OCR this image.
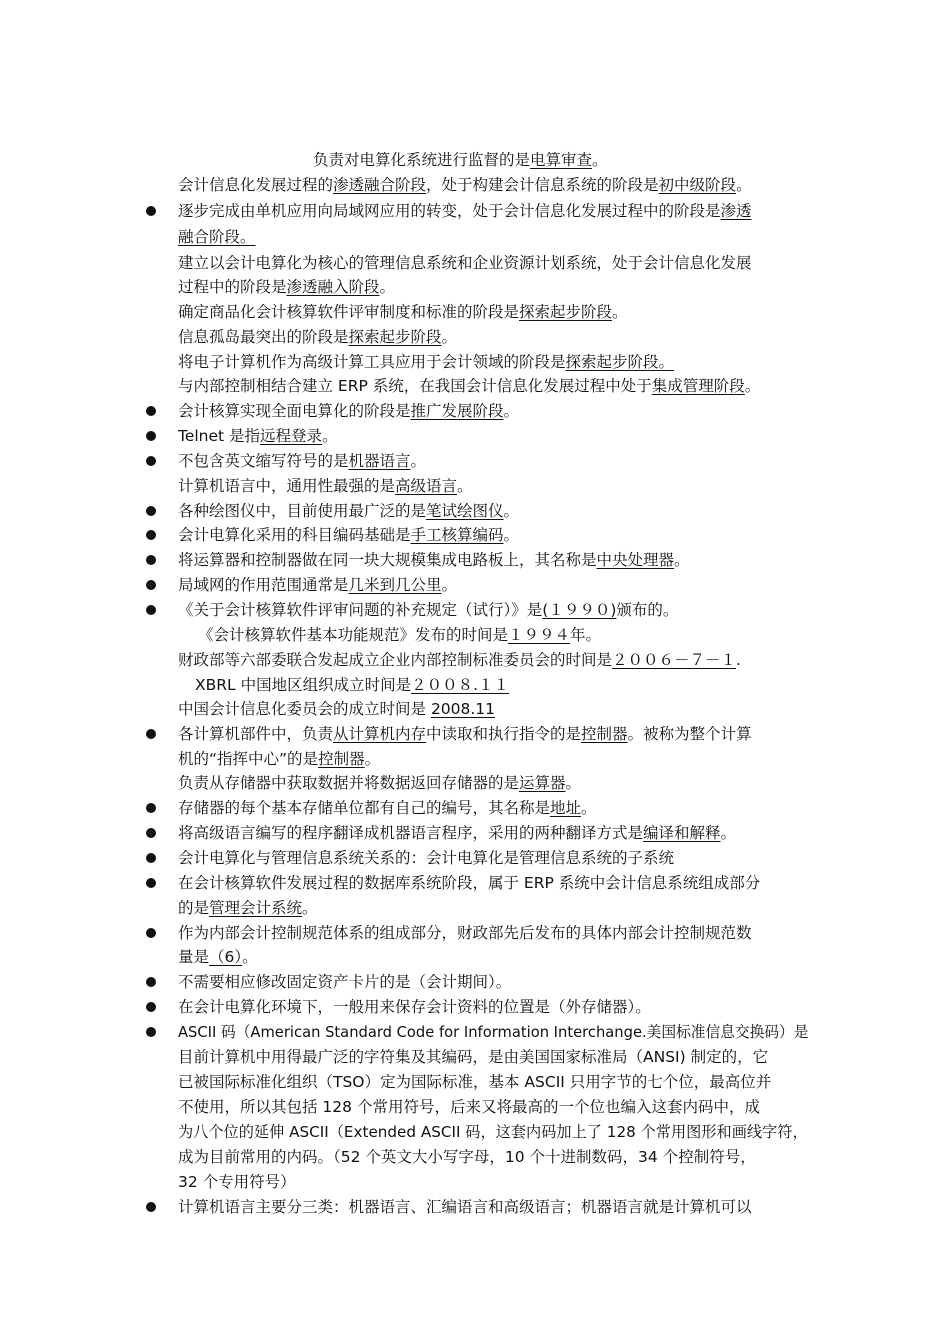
负责对电算化系统进行监督的是电算审查。
会计信息化发展过程的渗透融合阶段，处于构建会计信息系统的阶段是初中级阶段。
逐步完成由单机应用向局域网应用的转变，处于会计信息化发展过程中的阶段是渗透
融合阶段。
建立以会计电算化为核心的管理信息系统和企业资源计划系统，处于会计信息化发展
过程中的阶段是渗透融入阶段。
确定商品化会计核算软件评审制度和标准的阶段是探索起步阶段。
信息孤岛最突出的阶段是探索起步阶段。
将电子计算机作为高级计算工具应用于会计领域的阶段是探索起步阶段。
与内部控制相结合建立 ERP 系统，在我国会计信息化发展过程中处于集成管理阶段。
会计核算实现全面电算化的阶段是推广发展阶段。
Telnet 是指远程登录。
不包含英文缩写符号的是机器语言。
计算机语言中，通用性最强的是高级语言。
各种绘图仪中，目前使用最广泛的是笔试绘图仪。
会计电算化采用的科目编码基础是手工核算编码。
将运算器和控制器做在同一块大规模集成电路板上，其名称是中央处理器。
局域网的作用范围通常是几米到几公里。
《关于会计核算软件评审问题的补充规定（试行）》是(１９９０)颁布的。
《会计核算软件基本功能规范》发布的时间是１９９４年。
财政部等六部委联合发起成立企业内部控制标准委员会的时间是２００６－７－１.
XBRL 中国地区组织成立时间是２００８.１１
中国会计信息化委员会的成立时间是 2008.11
各计算机部件中，负责从计算机内存中读取和执行指令的是控制器。被称为整个计算
机的“指挥中心”的是控制器。
负责从存储器中获取数据并将数据返回存储器的是运算器。
存储器的每个基本存储单位都有自己的编号，其名称是地址。
将高级语言编写的程序翻译成机器语言程序，采用的两种翻译方式是编译和解释。
会计电算化与管理信息系统关系的：会计电算化是管理信息系统的子系统
在会计核算软件发展过程的数据库系统阶段，属于 ERP 系统中会计信息系统组成部分
的是管理会计系统。
作为内部会计控制规范体系的组成部分，财政部先后发布的具体内部会计控制规范数
量是（6）。
不需要相应修改固定资产卡片的是（会计期间）。
在会计电算化环境下，一般用来保存会计资料的位置是（外存储器）。
ASCII 码（American Standard Code for Information Interchange.美国标准信息交换码）是
目前计算机中用得最广泛的字符集及其编码，是由美国国家标准局（ANSI) 制定的，它
已被国际标准化组织（TSO）定为国际标准，基本 ASCII 只用字节的七个位，最高位并
不使用，所以其包括 128 个常用符号，后来又将最高的一个位也编入这套内码中，成
为八个位的延伸 ASCII（Extended ASCII 码，这套内码加上了 128 个常用图形和画线字符，
成为目前常用的内码。（52 个英文大小写字母，10 个十进制数码，34 个控制符号，
32 个专用符号）
计算机语言主要分三类：机器语言、汇编语言和高级语言；机器语言就是计算机可以
